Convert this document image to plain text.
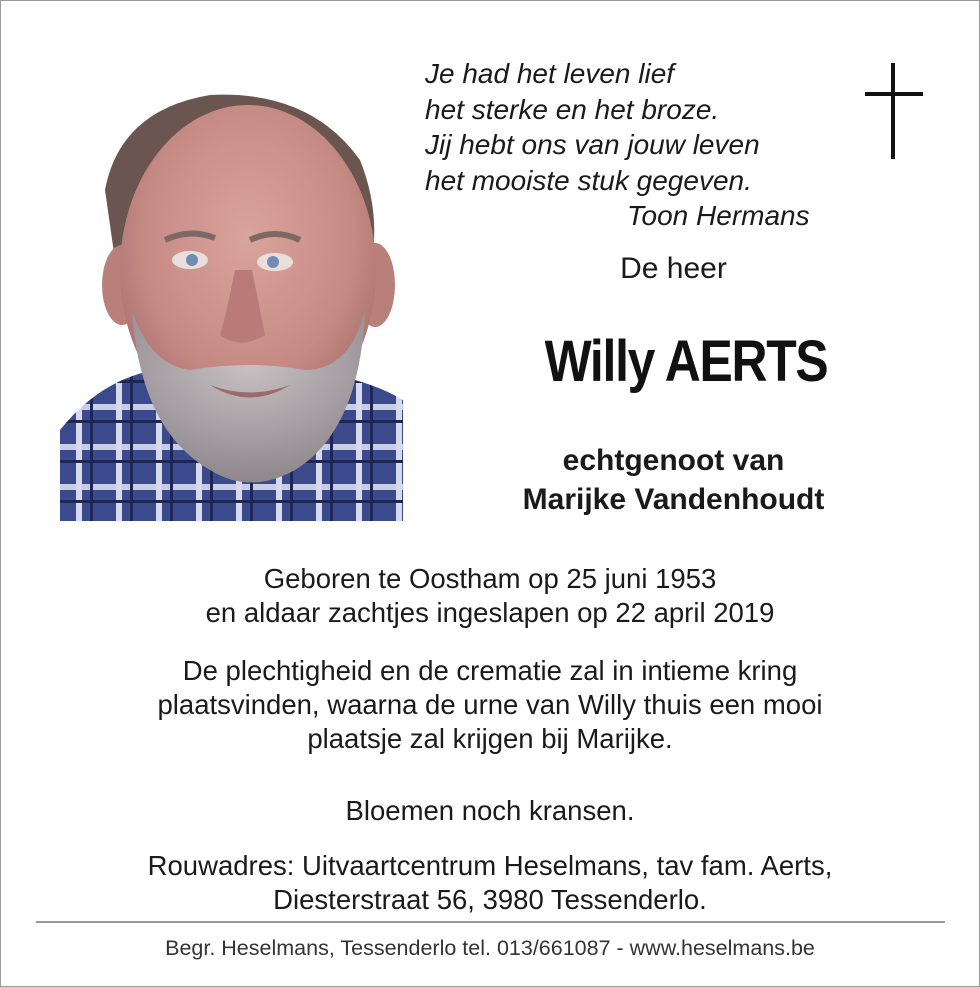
Je had het leven lief
het sterke en het broze.
Jij hebt ons van jouw leven
het mooiste stuk gegeven.
Toon Hermans
De heer
Willy AERTS
echtgenoot van
Marijke Vandenhoudt
Geboren te Oostham op 25 juni 1953
en aldaar zachtjes ingeslapen op 22 april 2019
De plechtigheid en de crematie zal in intieme kring
plaatsvinden, waarna de urne van Willy thuis een mooi
plaatsje zal krijgen bij Marijke.
Bloemen noch kransen.
Rouwadres: Uitvaartcentrum Heselmans, tav fam. Aerts,
Diesterstraat 56, 3980 Tessenderlo.
Begr. Heselmans, Tessenderlo tel. 013/661087 - www.heselmans.be
